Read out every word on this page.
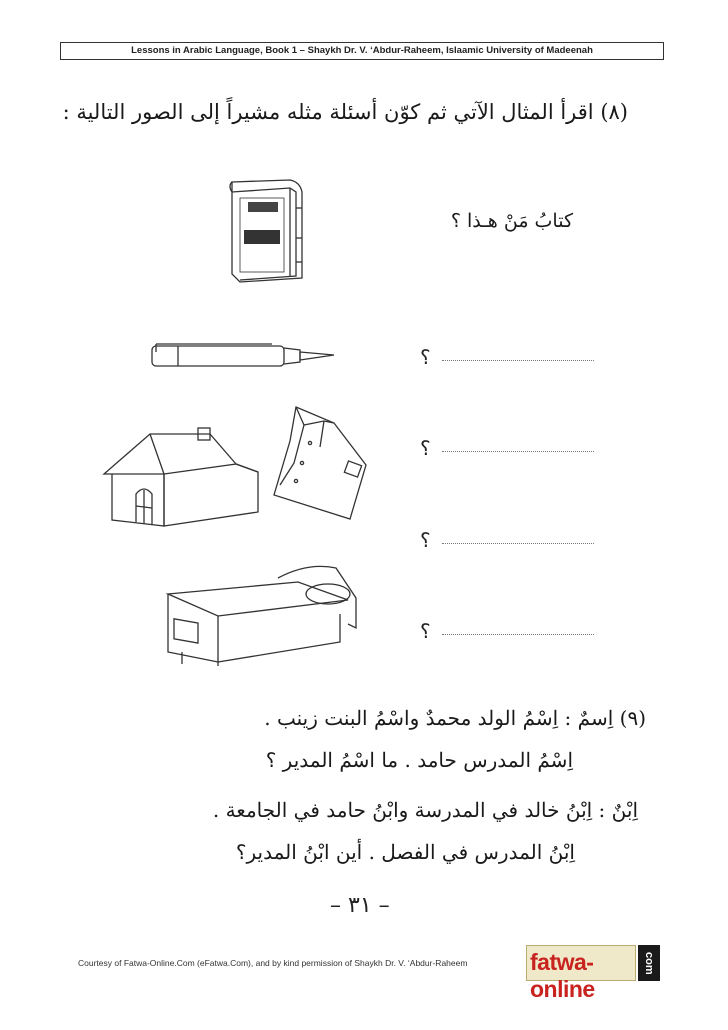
Lessons in Arabic Language, Book 1 – Shaykh Dr. V. ‘Abdur-Raheem, Islaamic University of Madeenah
(٨) اقرأ المثال الآتي ثم كوّن أسئلة مثله مشيراً إلى الصور التالية :
كتابُ مَنْ هـذا ؟
؟
؟
؟
؟
(٩) اِسمٌ : اِسْمُ الولد محمدٌ واسْمُ البنت زينب .
اِسْمُ المدرس حامد . ما اسْمُ المدير ؟
اِبْنٌ : اِبْنُ خالد في المدرسة وابْنُ حامد في الجامعة .
اِبْنُ المدرس في الفصل . أين ابْنُ المدير؟
– ٣١ –
Courtesy of Fatwa-Online.Com (eFatwa.Com), and by kind permission of Shaykh Dr. V. ‘Abdur-Raheem	fatwa-online
com
